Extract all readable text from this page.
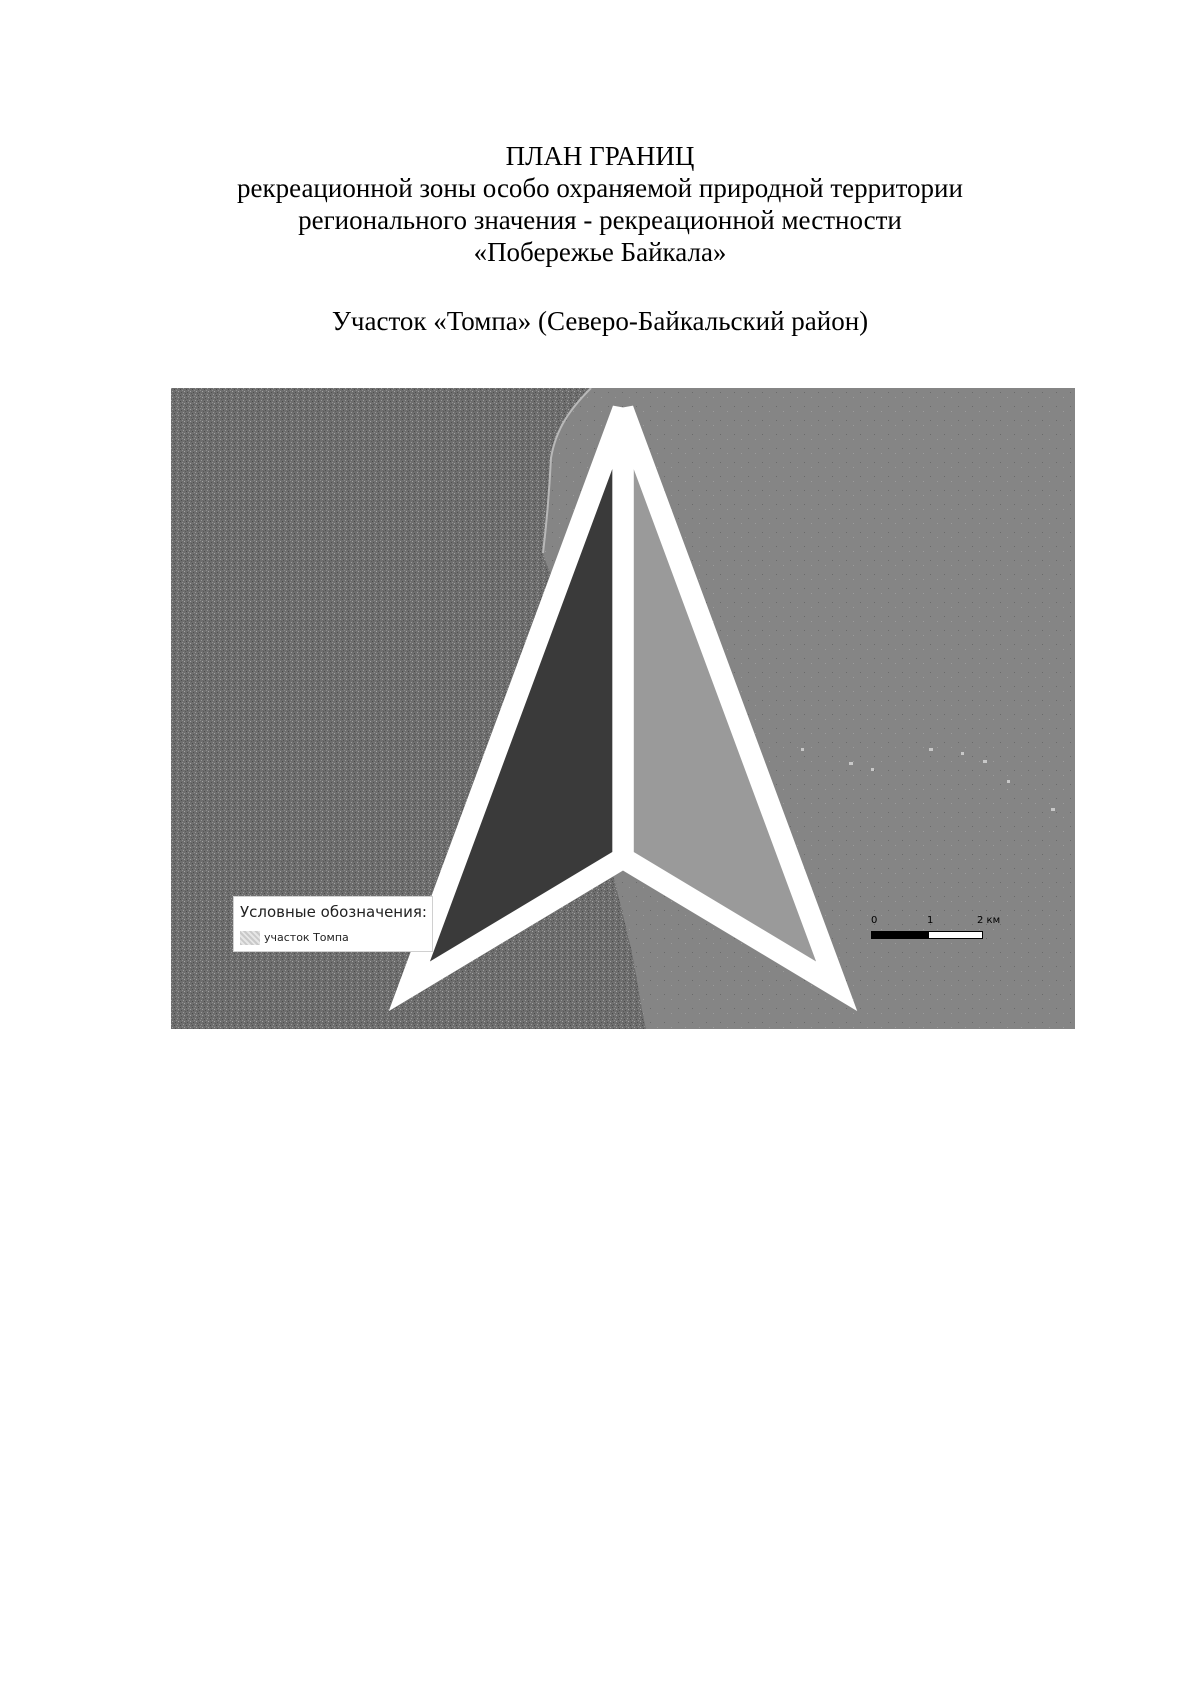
ПЛАН ГРАНИЦ
рекреационной зоны особо охраняемой природной территории
регионального значения - рекреационной местности
«Побережье Байкала»
Участок «Томпа» (Северо-Байкальский район)
Условные обозначения:
участок Томпа
0	1	2 км
